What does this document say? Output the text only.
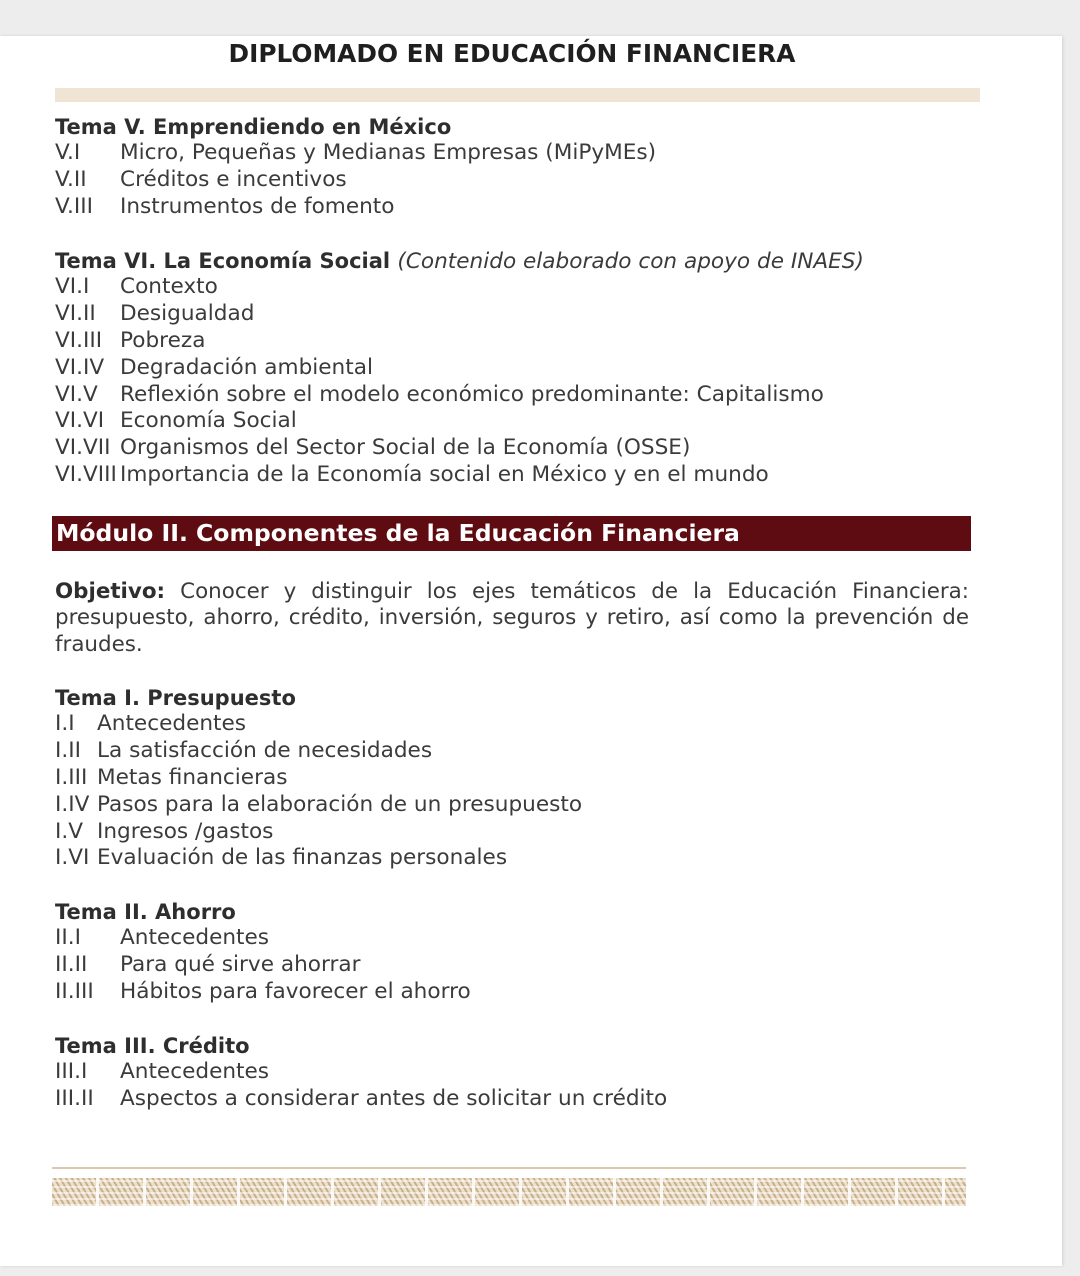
DIPLOMADO EN EDUCACIÓN FINANCIERA
Tema V. Emprendiendo en México
V.I	Micro, Pequeñas y Medianas Empresas (MiPyMEs)
V.II	Créditos e incentivos
V.III	Instrumentos de fomento
Tema VI. La Economía Social (Contenido elaborado con apoyo de INAES)
VI.I	Contexto
VI.II	Desigualdad
VI.III Pobreza
VI.IV Degradación ambiental
VI.V	Reflexión sobre el modelo económico predominante: Capitalismo
VI.VI Economía Social
VI.VII Organismos del Sector Social de la Economía (OSSE)
VI.VIII Importancia de la Economía social en México y en el mundo
Módulo II. Componentes de la Educación Financiera

Objetivo: Conocer y distinguir los ejes temáticos de la Educación Financiera: presupuesto, ahorro, crédito, inversión, seguros y retiro, así como la prevención de fraudes.

Tema I. Presupuesto
I.I	Antecedentes
I.II La satisfacción de necesidades
I.III Metas financieras
I.IV Pasos para la elaboración de un presupuesto
I.V Ingresos /gastos
I.VI Evaluación de las finanzas personales
Tema II. Ahorro
II.I	Antecedentes
II.II	Para qué sirve ahorrar
II.III	Hábitos para favorecer el ahorro
Tema III. Crédito
III.I	Antecedentes
III.II	Aspectos a considerar antes de solicitar un crédito
